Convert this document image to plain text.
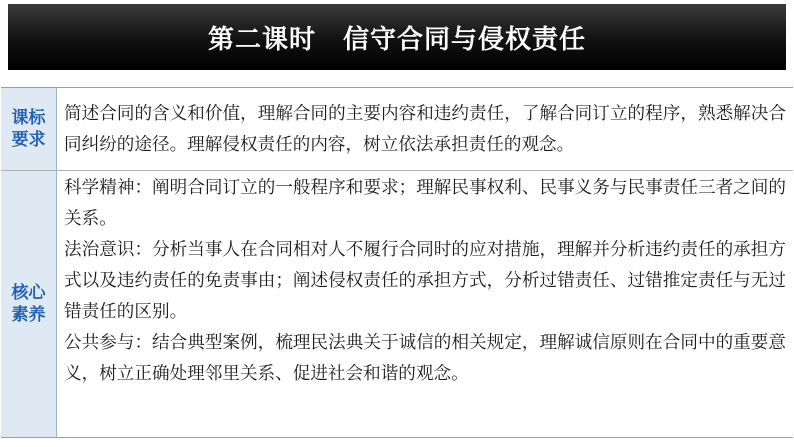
第二课时　信守合同与侵权责任
课标要求

简述合同的含义和价值，理解合同的主要内容和违约责任，了解合同订立的程序，熟悉解决合同纠纷的途径。理解侵权责任的内容，树立依法承担责任的观念。

核心素养

科学精神：阐明合同订立的一般程序和要求；理解民事权利、民事义务与民事责任三者之间的关系。

法治意识：分析当事人在合同相对人不履行合同时的应对措施，理解并分析违约责任的承担方式以及违约责任的免责事由；阐述侵权责任的承担方式，分析过错责任、过错推定责任与无过错责任的区别。

公共参与：结合典型案例，梳理民法典关于诚信的相关规定，理解诚信原则在合同中的重要意义，树立正确处理邻里关系、促进社会和谐的观念。
